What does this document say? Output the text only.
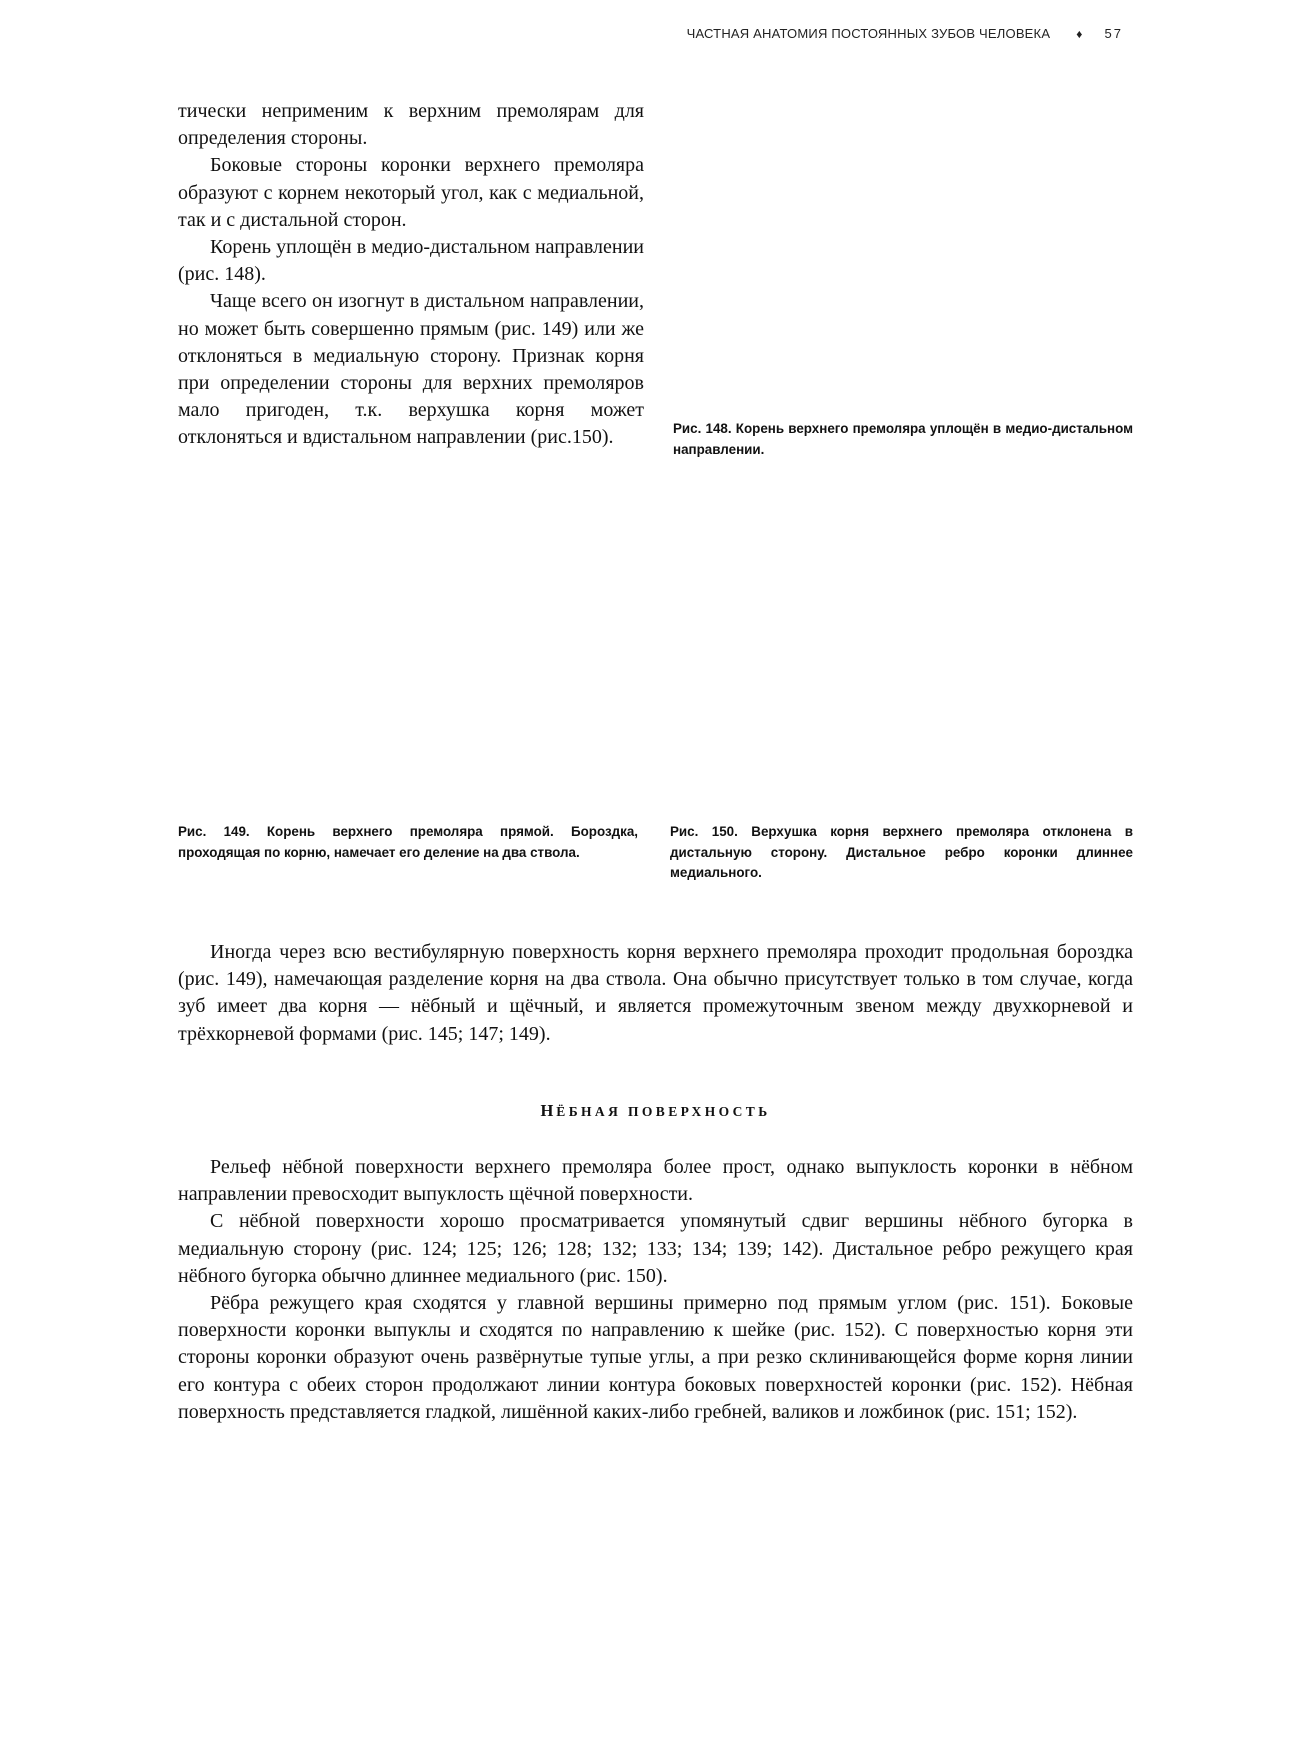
ЧАСТНАЯ АНАТОМИЯ ПОСТОЯННЫХ ЗУБОВ ЧЕЛОВЕКА ♦ 57

тически неприменим к верхним премолярам для определения стороны.

Боковые стороны коронки верхнего премоляра образуют с корнем некоторый угол, как с медиальной, так и с дистальной сторон.

Корень уплощён в медио-дистальном направлении (рис. 148).

Чаще всего он изогнут в дистальном направлении, но может быть совершенно прямым (рис. 149) или же отклоняться в медиальную сторону. Признак корня при определении стороны для верхних премоляров мало пригоден, т.к. верхушка корня может отклоняться и вдистальном направлении (рис.150).	Рис. 148. Корень верхнего премоляра уплощён в медио-дистальном направлении.
Рис. 149. Корень верхнего премоляра прямой. Бороздка, проходящая по корню, намечает его деление на два ствола.
Рис. 150. Верхушка корня верхнего премоляра отклонена в дистальную сторону. Дистальное ребро коронки длиннее медиального.

Иногда через всю вестибулярную поверхность корня верхнего премоляра проходит продольная бороздка (рис. 149), намечающая разделение корня на два ствола. Она обычно присутствует только в том случае, когда зуб имеет два корня — нёбный и щёчный, и является промежуточным звеном между двухкорневой и трёхкорневой формами (рис. 145; 147; 149).

НЁБНАЯ ПОВЕРХНОСТЬ

Рельеф нёбной поверхности верхнего премоляра более прост, однако выпуклость коронки в нёбном направлении превосходит выпуклость щёчной поверхности.

С нёбной поверхности хорошо просматривается упомянутый сдвиг вершины нёбного бугорка в медиальную сторону (рис. 124; 125; 126; 128; 132; 133; 134; 139; 142). Дистальное ребро режущего края нёбного бугорка обычно длиннее медиального (рис. 150).

Рёбра режущего края сходятся у главной вершины примерно под прямым углом (рис. 151). Боковые поверхности коронки выпуклы и сходятся по направлению к шейке (рис. 152). С поверхностью корня эти стороны коронки образуют очень развёрнутые тупые углы, а при резко склинивающейся форме корня линии его контура с обеих сторон продолжают линии контура боковых поверхностей коронки (рис. 152). Нёбная поверхность представляется гладкой, лишённой каких-либо гребней, валиков и ложбинок (рис. 151; 152).
